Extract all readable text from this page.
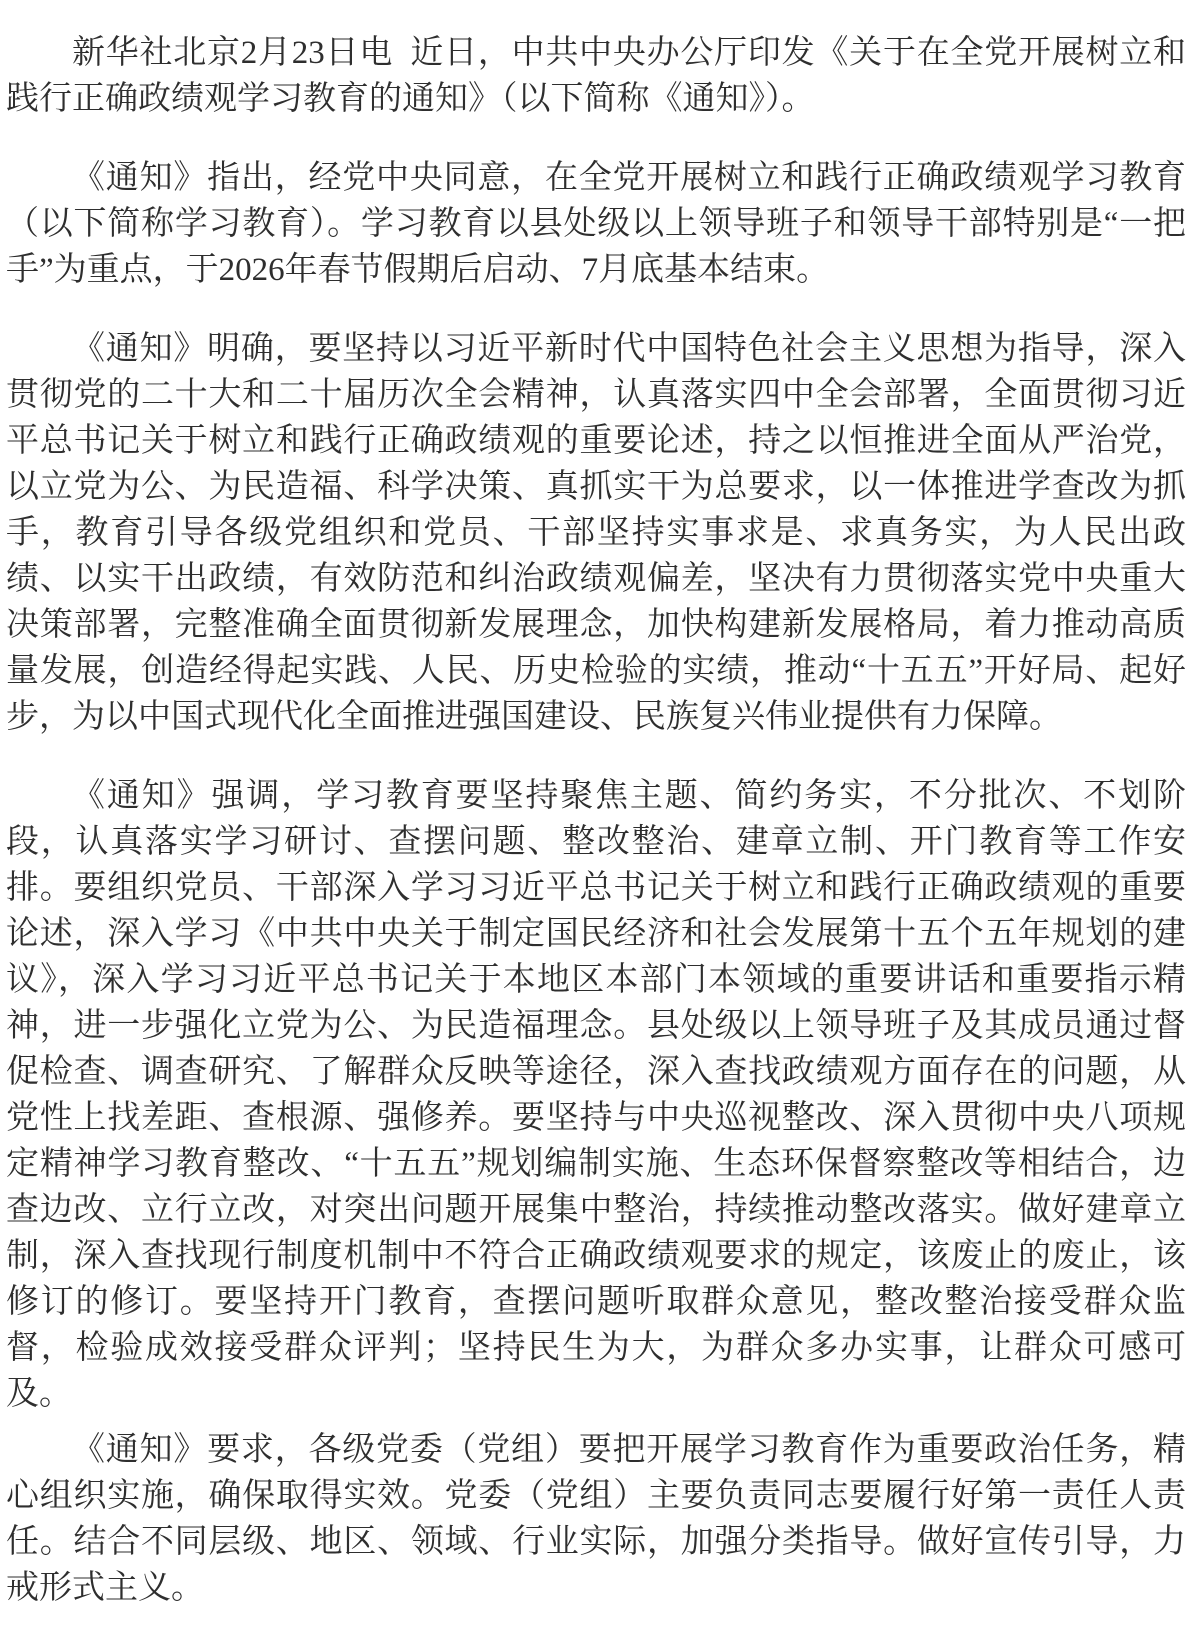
新华社北京2月23日电 近日，中共中央办公厅印发《关于在全党开展树立和践行正确政绩观学习教育的通知》（以下简称《通知》）。

《通知》指出，经党中央同意，在全党开展树立和践行正确政绩观学习教育（以下简称学习教育）。学习教育以县处级以上领导班子和领导干部特别是“一把手”为重点，于2026年春节假期后启动、7月底基本结束。

《通知》明确，要坚持以习近平新时代中国特色社会主义思想为指导，深入贯彻党的二十大和二十届历次全会精神，认真落实四中全会部署，全面贯彻习近平总书记关于树立和践行正确政绩观的重要论述，持之以恒推进全面从严治党，以立党为公、为民造福、科学决策、真抓实干为总要求，以一体推进学查改为抓手，教育引导各级党组织和党员、干部坚持实事求是、求真务实，为人民出政绩、以实干出政绩，有效防范和纠治政绩观偏差，坚决有力贯彻落实党中央重大决策部署，完整准确全面贯彻新发展理念，加快构建新发展格局，着力推动高质量发展，创造经得起实践、人民、历史检验的实绩，推动“十五五”开好局、起好步，为以中国式现代化全面推进强国建设、民族复兴伟业提供有力保障。

《通知》强调，学习教育要坚持聚焦主题、简约务实，不分批次、不划阶段，认真落实学习研讨、查摆问题、整改整治、建章立制、开门教育等工作安排。要组织党员、干部深入学习习近平总书记关于树立和践行正确政绩观的重要论述，深入学习《中共中央关于制定国民经济和社会发展第十五个五年规划的建议》，深入学习习近平总书记关于本地区本部门本领域的重要讲话和重要指示精神，进一步强化立党为公、为民造福理念。县处级以上领导班子及其成员通过督促检查、调查研究、了解群众反映等途径，深入查找政绩观方面存在的问题，从党性上找差距、查根源、强修养。要坚持与中央巡视整改、深入贯彻中央八项规定精神学习教育整改、“十五五”规划编制实施、生态环保督察整改等相结合，边查边改、立行立改，对突出问题开展集中整治，持续推动整改落实。做好建章立制，深入查找现行制度机制中不符合正确政绩观要求的规定，该废止的废止，该修订的修订。要坚持开门教育，查摆问题听取群众意见，整改整治接受群众监督，检验成效接受群众评判；坚持民生为大，为群众多办实事，让群众可感可及。

《通知》要求，各级党委（党组）要把开展学习教育作为重要政治任务，精心组织实施，确保取得实效。党委（党组）主要负责同志要履行好第一责任人责任。结合不同层级、地区、领域、行业实际，加强分类指导。做好宣传引导，力戒形式主义。
